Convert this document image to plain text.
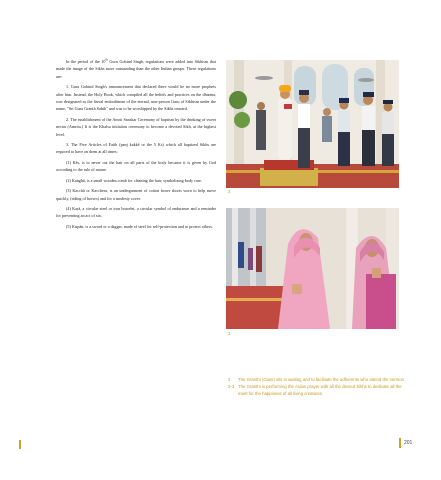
In the period of the 10th Guru Gobind Singh, regulations were added into Sikhism that made the image of the Sikhs more outstanding than the other Indian groups. These regulations are:

1. Guru Gobind Singh's announcement that declared there would be no more prophets after him. Instead, the Holy Book, which compiled all the beliefs and practices on the dharma, was designated as the literal embodiment of the eternal, non-person Guru of Sikhism under the name, "Sri Guru Granth Sahib" and was to be worshipped by the Sikhs onward.

2. The establishment of the Amrit Sanskar Ceremony of baptism by the drinking of sweet nectar (Amrita.) It is the Khalsa initiation ceremony to become a devoted Sikh, at the highest level.

3. The Five Articles of Faith (panj kakkē or the 5 Ks) which all baptized Sikhs are required to have on them at all times:

(1) Kēs, is to never cut the hair on all parts of the body because it is given by God according to the rule of nature.

(2) Kaṅghā, is a small wooden comb for cleaning the hair, symbolizing body care.

(3) Kacchā or Kacchera, is an undergarment of cotton boxer shorts worn to help move quickly, (riding of horses) and for a modesty cover.

(4) Kaṛā, a circular steel or iron bracelet, a circular symbol of endurance and a reminder for preventing an act of sin.

(5) Kirpān, is a sword or a dagger, made of steel for self-protection and to protect others.

2
3
2 The Granthi (Giani) sits in waiting and to facilitate the adherents who attend the sermon
2-3 The Granthi is performing the Ardas prayer with all the devout Sikhs to dedicate all the merit for the happiness of all living creatures
201
